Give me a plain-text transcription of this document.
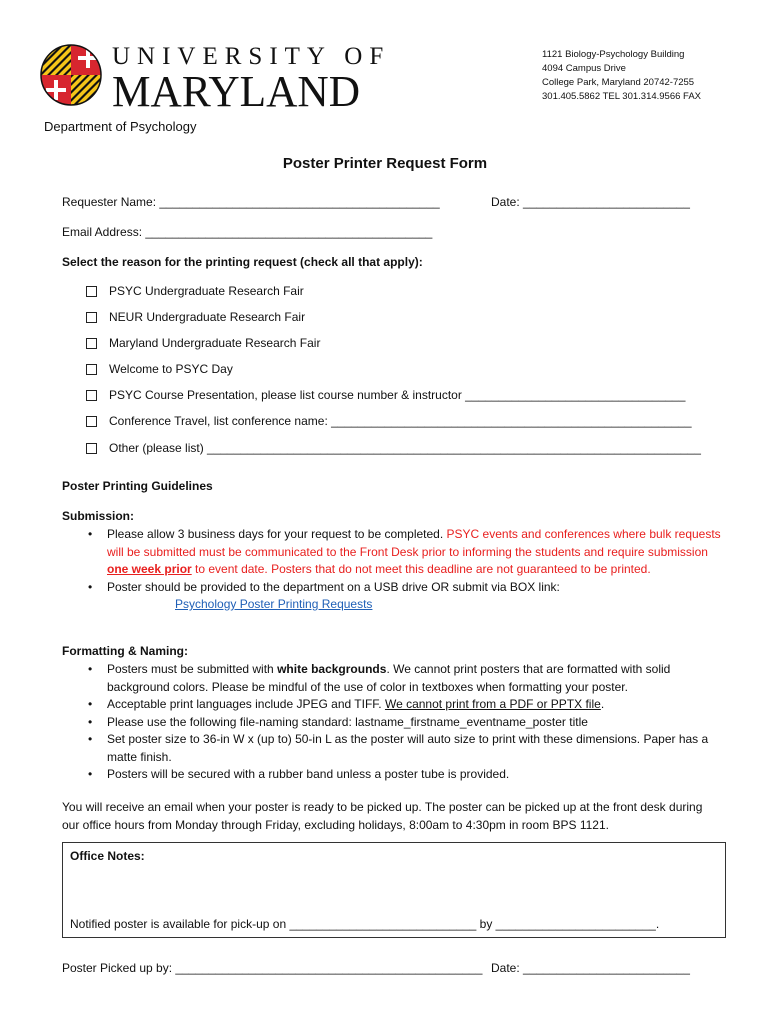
UNIVERSITY OF
MARYLAND
1121 Biology-Psychology Building
4094 Campus Drive
College Park, Maryland 20742-7255
301.405.5862 TEL 301.314.9566 FAX
Department of Psychology
Poster Printer Request Form
Requester Name: __________________________________________	Date: _________________________
Email Address: ___________________________________________
Select the reason for the printing request (check all that apply):
PSYC Undergraduate Research Fair
NEUR Undergraduate Research Fair
Maryland Undergraduate Research Fair
Welcome to PSYC Day
PSYC Course Presentation, please list course number & instructor _________________________________
Conference Travel, list conference name: ______________________________________________________
Other (please list) __________________________________________________________________________
Poster Printing Guidelines
Submission:
• Please allow 3 business days for your request to be completed. PSYC events and conferences where bulk requests will be submitted must be communicated to the Front Desk prior to informing the students and require submission one week prior to event date. Posters that do not meet this deadline are not guaranteed to be printed.
• Poster should be provided to the department on a USB drive OR submit via BOX link:
Psychology Poster Printing Requests
Formatting & Naming:
• Posters must be submitted with white backgrounds. We cannot print posters that are formatted with solid background colors. Please be mindful of the use of color in textboxes when formatting your poster.
• Acceptable print languages include JPEG and TIFF. We cannot print from a PDF or PPTX file.
• Please use the following file-naming standard: lastname_firstname_eventname_poster title
• Set poster size to 36-in W x (up to) 50-in L as the poster will auto size to print with these dimensions. Paper has a matte finish.
• Posters will be secured with a rubber band unless a poster tube is provided.
You will receive an email when your poster is ready to be picked up. The poster can be picked up at the front desk during our office hours from Monday through Friday, excluding holidays, 8:00am to 4:30pm in room BPS 1121.
Office Notes:
Notified poster is available for pick-up on ____________________________ by ________________________.
Poster Picked up by: ______________________________________________ Date: _________________________
